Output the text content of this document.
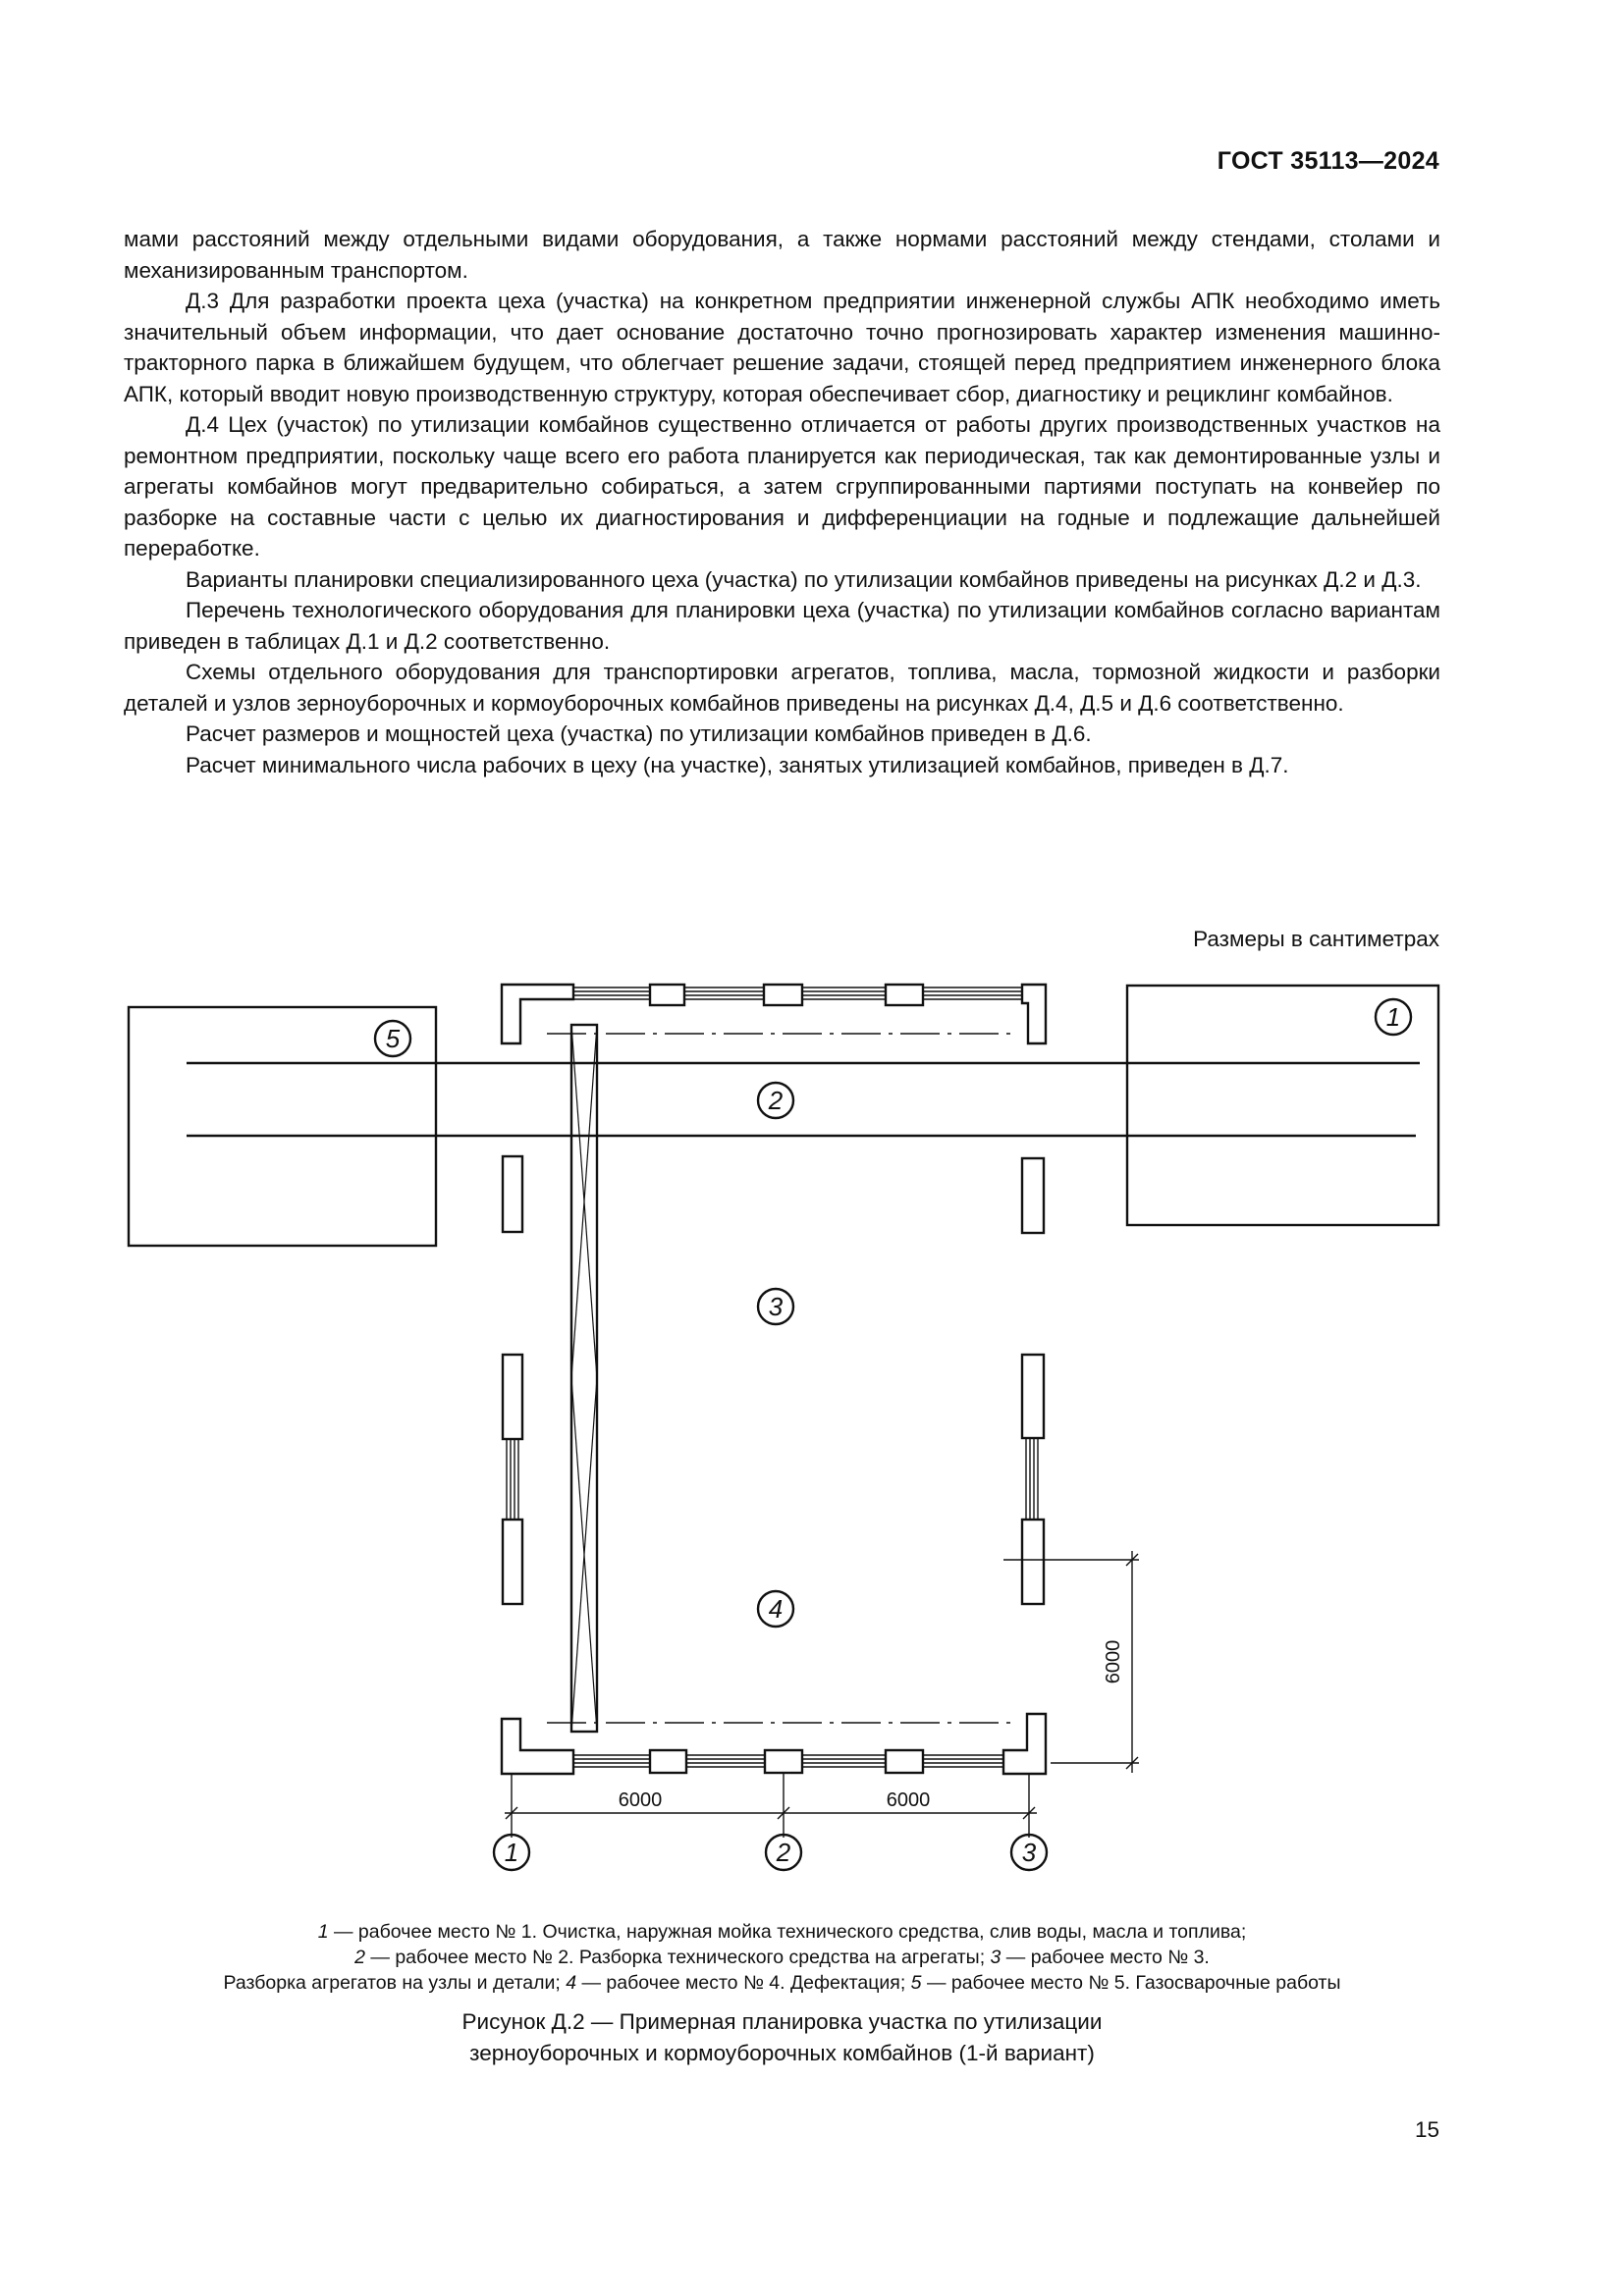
ГОСТ 35113—2024

мами расстояний между отдельными видами оборудования, а также нормами расстояний между стендами, столами и механизированным транспортом.

Д.3 Для разработки проекта цеха (участка) на конкретном предприятии инженерной службы АПК необходимо иметь значительный объем информации, что дает основание достаточно точно прогнозировать характер изменения машинно-тракторного парка в ближайшем будущем, что облегчает решение задачи, стоящей перед предприятием инженерного блока АПК, который вводит новую производственную структуру, которая обеспечивает сбор, диагностику и рециклинг комбайнов.

Д.4 Цех (участок) по утилизации комбайнов существенно отличается от работы других производственных участков на ремонтном предприятии, поскольку чаще всего его работа планируется как периодическая, так как демонтированные узлы и агрегаты комбайнов могут предварительно собираться, а затем сгруппированными партиями поступать на конвейер по разборке на составные части с целью их диагностирования и дифференциации на годные и подлежащие дальнейшей переработке.

Варианты планировки специализированного цеха (участка) по утилизации комбайнов приведены на рисунках Д.2 и Д.3.

Перечень технологического оборудования для планировки цеха (участка) по утилизации комбайнов согласно вариантам приведен в таблицах Д.1 и Д.2 соответственно.

Схемы отдельного оборудования для транспортировки агрегатов, топлива, масла, тормозной жидкости и разборки деталей и узлов зерноуборочных и кормоуборочных комбайнов приведены на рисунках Д.4, Д.5 и Д.6 соответственно.

Расчет размеров и мощностей цеха (участка) по утилизации комбайнов приведен в Д.6.

Расчет минимального числа рабочих в цеху (на участке), занятых утилизацией комбайнов, приведен в Д.7.

Размеры в сантиметрах
1
2
3
4
5
1	2	3
6000	6000
6000
1 — рабочее место № 1. Очистка, наружная мойка технического средства, слив воды, масла и топлива;
2 — рабочее место № 2. Разборка технического средства на агрегаты; 3 — рабочее место № 3.
Разборка агрегатов на узлы и детали; 4 — рабочее место № 4. Дефектация; 5 — рабочее место № 5. Газосварочные работы
Рисунок Д.2 — Примерная планировка участка по утилизации
зерноуборочных и кормоуборочных комбайнов (1-й вариант)
15
